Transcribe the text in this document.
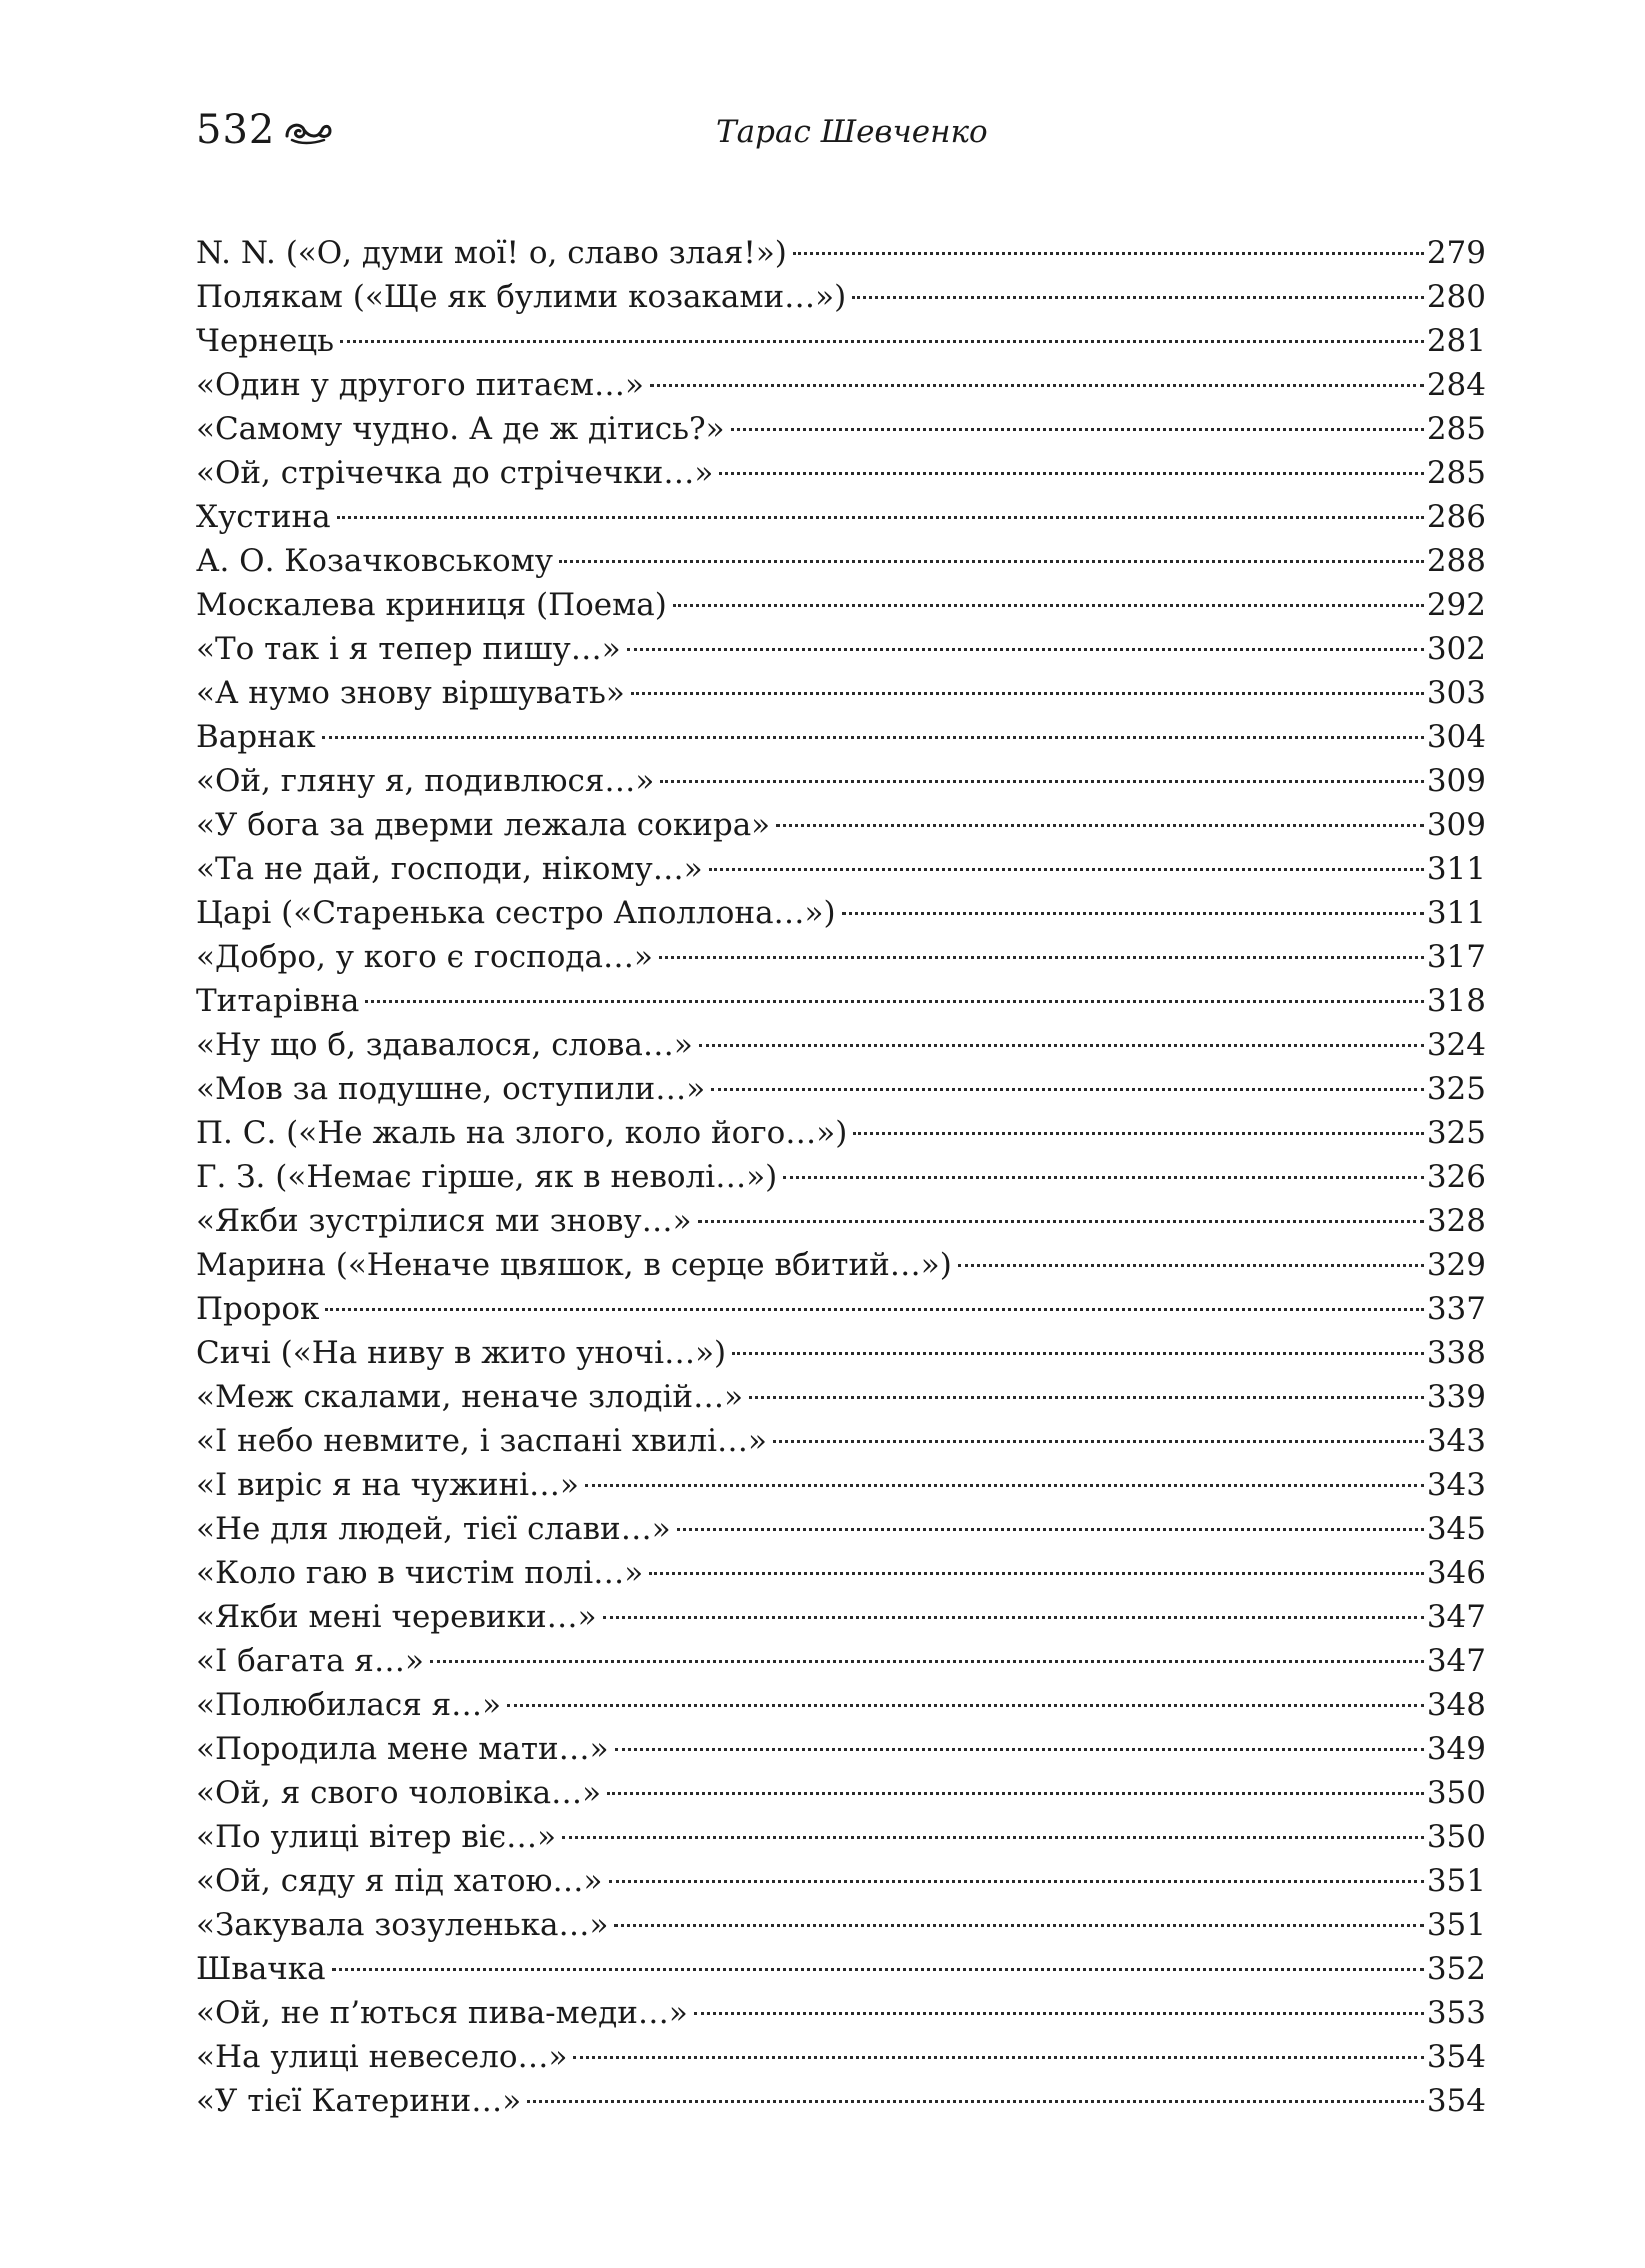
532	Тарас Шевченко
N. N. («О, думи мої! о, славо злая!»)	279
Полякам («Ще як булими козаками…»)	280
Чернець	281
«Один у другого питаєм…»	284
«Самому чудно. А де ж дітись?»	285
«Ой, стрічечка до стрічечки…»	285
Хустина	286
А. О. Козачковському	288
Москалева криниця (Поема)	292
«То так і я тепер пишу…»	302
«А нумо знову віршувать»	303
Варнак	304
«Ой, гляну я, подивлюся…»	309
«У бога за дверми лежала сокира»	309
«Та не дай, господи, нікому…»	311
Царі («Старенька сестро Аполлона…»)	311
«Добро, у кого є господа…»	317
Титарівна	318
«Ну що б, здавалося, слова…»	324
«Мов за подушне, оступили…»	325
П. С. («Не жаль на злого, коло його…»)	325
Г. З. («Немає гірше, як в неволі…»)	326
«Якби зустрілися ми знову…»	328
Марина («Неначе цвяшок, в серце вбитий…»)	329
Пророк	337
Сичі («На ниву в жито уночі…»)	338
«Меж скалами, неначе злодій…»	339
«І небо невмите, і заспані хвилі…»	343
«І виріс я на чужині…»	343
«Не для людей, тієї слави…»	345
«Коло гаю в чистім полі…»	346
«Якби мені черевики…»	347
«І багата я…»	347
«Полюбилася я…»	348
«Породила мене мати…»	349
«Ой, я свого чоловіка…»	350
«По улиці вітер віє…»	350
«Ой, сяду я під хатою…»	351
«Закувала зозуленька…»	351
Швачка	352
«Ой, не п’ються пива-меди…»	353
«На улиці невесело…»	354
«У тієї Катерини…»	354
